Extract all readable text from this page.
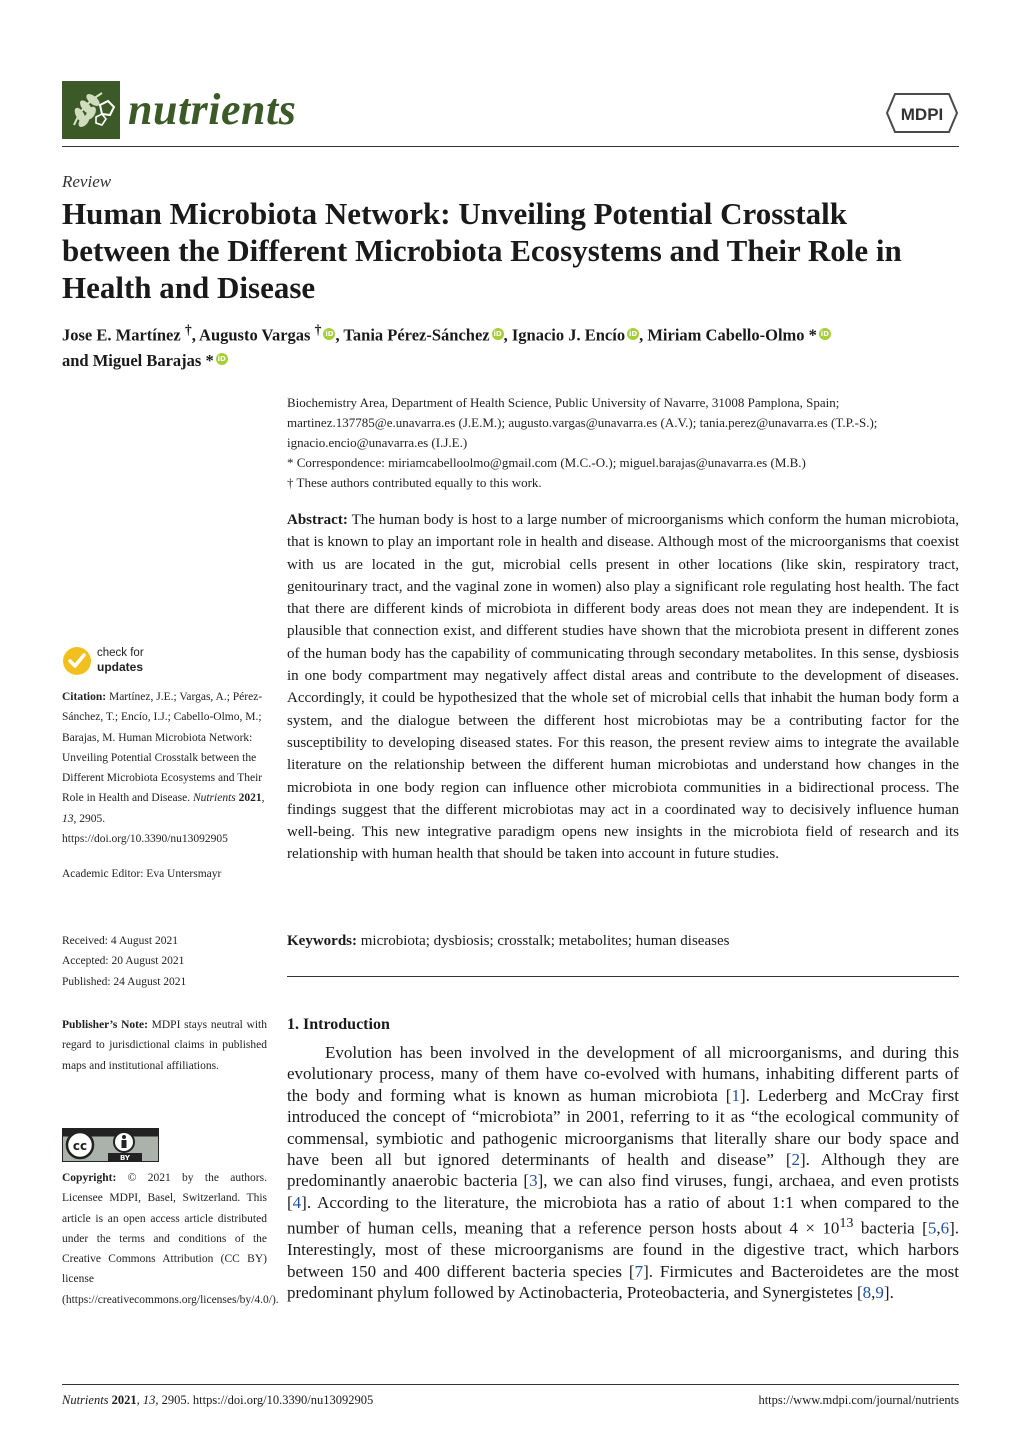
nutrients	MDPI
Review
Human Microbiota Network: Unveiling Potential Crosstalk between the Different Microbiota Ecosystems and Their Role in Health and Disease
Jose E. Martínez †, Augusto Vargas † iD , Tania Pérez-Sánchez iD , Ignacio J. Encío iD , Miriam Cabello-Olmo * iD
and Miguel Barajas * iD
Biochemistry Area, Department of Health Science, Public University of Navarre, 31008 Pamplona, Spain;
martinez.137785@e.unavarra.es (J.E.M.); augusto.vargas@unavarra.es (A.V.); tania.perez@unavarra.es (T.P.-S.);
ignacio.encio@unavarra.es (I.J.E.)
* Correspondence: miriamcabelloolmo@gmail.com (M.C.-O.); miguel.barajas@unavarra.es (M.B.)
† These authors contributed equally to this work.
Abstract: The human body is host to a large number of microorganisms which conform the human microbiota, that is known to play an important role in health and disease. Although most of the microorganisms that coexist with us are located in the gut, microbial cells present in other locations (like skin, respiratory tract, genitourinary tract, and the vaginal zone in women) also play a significant role regulating host health. The fact that there are different kinds of microbiota in different body areas does not mean they are independent. It is plausible that connection exist, and different studies have shown that the microbiota present in different zones of the human body has the capability of communicating through secondary metabolites. In this sense, dysbiosis in one body compartment may negatively affect distal areas and contribute to the development of diseases. Accordingly, it could be hypothesized that the whole set of microbial cells that inhabit the human body form a system, and the dialogue between the different host microbiotas may be a contributing factor for the susceptibility to developing diseased states. For this reason, the present review aims to integrate the available literature on the relationship between the different human microbiotas and understand how changes in the microbiota in one body region can influence other microbiota communities in a bidirectional process. The findings suggest that the different microbiotas may act in a coordinated way to decisively influence human well-being. This new integrative paradigm opens new insights in the microbiota field of research and its relationship with human health that should be taken into account in future studies.
Keywords: microbiota; dysbiosis; crosstalk; metabolites; human diseases
1. Introduction
Evolution has been involved in the development of all microorganisms, and during this evolutionary process, many of them have co-evolved with humans, inhabiting different parts of the body and forming what is known as human microbiota [1]. Lederberg and McCray first introduced the concept of “microbiota” in 2001, referring to it as “the ecological community of commensal, symbiotic and pathogenic microorganisms that literally share our body space and have been all but ignored determinants of health and disease” [2]. Although they are predominantly anaerobic bacteria [3], we can also find viruses, fungi, archaea, and even protists [4]. According to the literature, the microbiota has a ratio of about 1:1 when compared to the number of human cells, meaning that a reference person hosts about $4 \times 10^{13}$ bacteria [5,6]. Interestingly, most of these microorganisms are found in the digestive tract, which harbors between 150 and 400 different bacteria species [7]. Firmicutes and Bacteroidetes are the most predominant phylum followed by Actinobacteria, Proteobacteria, and Synergistetes [8,9].
check for
updates
Citation: Martínez, J.E.; Vargas, A.; Pérez-Sánchez, T.; Encío, I.J.; Cabello-Olmo, M.; Barajas, M. Human Microbiota Network: Unveiling Potential Crosstalk between the Different Microbiota Ecosystems and Their Role in Health and Disease. Nutrients 2021, 13, 2905. https://doi.org/10.3390/nu13092905
Academic Editor: Eva Untersmayr
Received: 4 August 2021
Accepted: 20 August 2021
Published: 24 August 2021
Publisher’s Note: MDPI stays neutral with regard to jurisdictional claims in published maps and institutional affiliations.
cc
BY
Copyright: © 2021 by the authors. Licensee MDPI, Basel, Switzerland. This article is an open access article distributed under the terms and conditions of the Creative Commons Attribution (CC BY) license (https://creativecommons.org/licenses/by/4.0/).
Nutrients 2021, 13, 2905. https://doi.org/10.3390/nu13092905	https://www.mdpi.com/journal/nutrients
